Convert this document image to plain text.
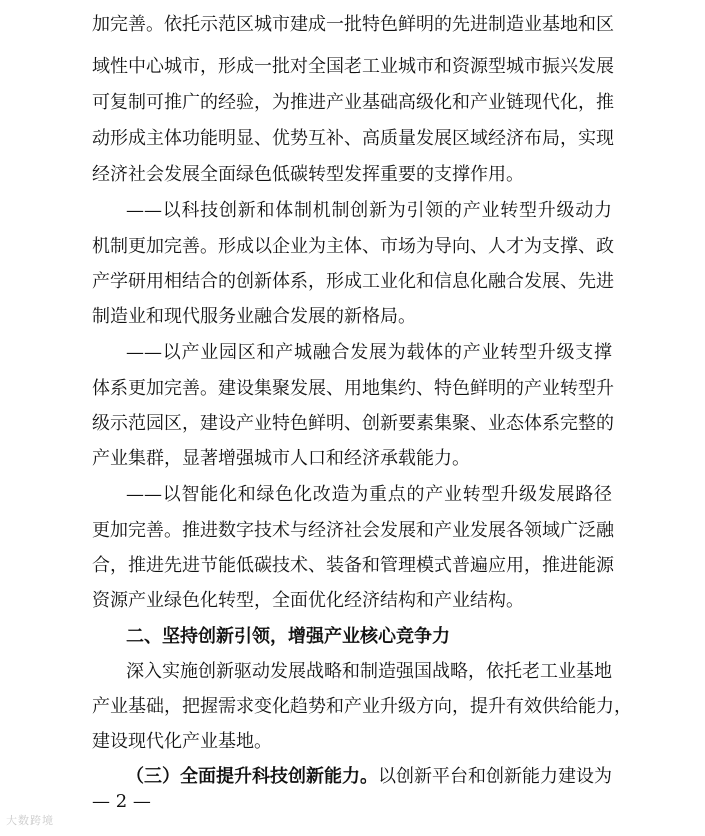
加完善。依托示范区城市建成一批特色鲜明的先进制造业基地和区
域性中心城市，形成一批对全国老工业城市和资源型城市振兴发展
可复制可推广的经验，为推进产业基础高级化和产业链现代化，推
动形成主体功能明显、优势互补、高质量发展区域经济布局，实现
经济社会发展全面绿色低碳转型发挥重要的支撑作用。
——以科技创新和体制机制创新为引领的产业转型升级动力
机制更加完善。形成以企业为主体、市场为导向、人才为支撑、政
产学研用相结合的创新体系，形成工业化和信息化融合发展、先进
制造业和现代服务业融合发展的新格局。
——以产业园区和产城融合发展为载体的产业转型升级支撑
体系更加完善。建设集聚发展、用地集约、特色鲜明的产业转型升
级示范园区，建设产业特色鲜明、创新要素集聚、业态体系完整的
产业集群，显著增强城市人口和经济承载能力。
——以智能化和绿色化改造为重点的产业转型升级发展路径
更加完善。推进数字技术与经济社会发展和产业发展各领域广泛融
合，推进先进节能低碳技术、装备和管理模式普遍应用，推进能源
资源产业绿色化转型，全面优化经济结构和产业结构。
二、坚持创新引领，增强产业核心竞争力
深入实施创新驱动发展战略和制造强国战略，依托老工业基地
产业基础，把握需求变化趋势和产业升级方向，提升有效供给能力，
建设现代化产业基地。
（三）全面提升科技创新能力。以创新平台和创新能力建设为
— 2 —
大数跨境
